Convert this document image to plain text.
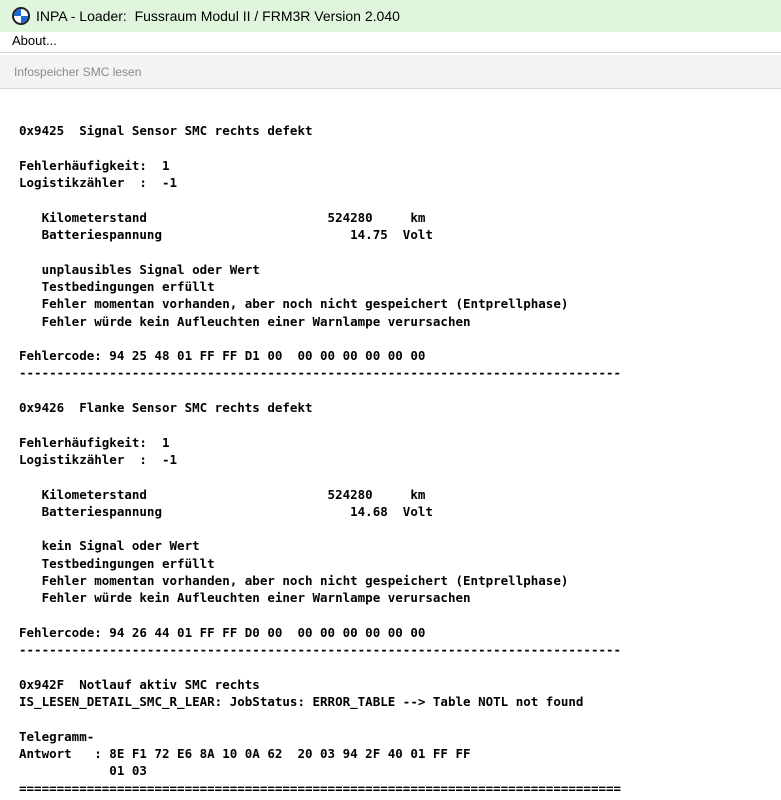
INPA - Loader:  Fussraum Modul II / FRM3R Version 2.040
About...
Infospeicher SMC lesen
0x9425  Signal Sensor SMC rechts defekt
Fehlerhäufigkeit:  1
Logistikzähler  :  -1
Kilometerstand                        524280     km
Batteriespannung                         14.75  Volt
unplausibles Signal oder Wert
Testbedingungen erfüllt
Fehler momentan vorhanden, aber noch nicht gespeichert (Entprellphase)
Fehler würde kein Aufleuchten einer Warnlampe verursachen
Fehlercode: 94 25 48 01 FF FF D1 00  00 00 00 00 00 00
--------------------------------------------------------------------------------
0x9426  Flanke Sensor SMC rechts defekt
Fehlerhäufigkeit:  1
Logistikzähler  :  -1
Kilometerstand                        524280     km
Batteriespannung                         14.68  Volt
kein Signal oder Wert
Testbedingungen erfüllt
Fehler momentan vorhanden, aber noch nicht gespeichert (Entprellphase)
Fehler würde kein Aufleuchten einer Warnlampe verursachen
Fehlercode: 94 26 44 01 FF FF D0 00  00 00 00 00 00 00
--------------------------------------------------------------------------------
0x942F  Notlauf aktiv SMC rechts
IS_LESEN_DETAIL_SMC_R_LEAR: JobStatus: ERROR_TABLE --> Table NOTL not found
Telegramm-
Antwort   : 8E F1 72 E6 8A 10 0A 62  20 03 94 2F 40 01 FF FF
01 03
================================================================================
